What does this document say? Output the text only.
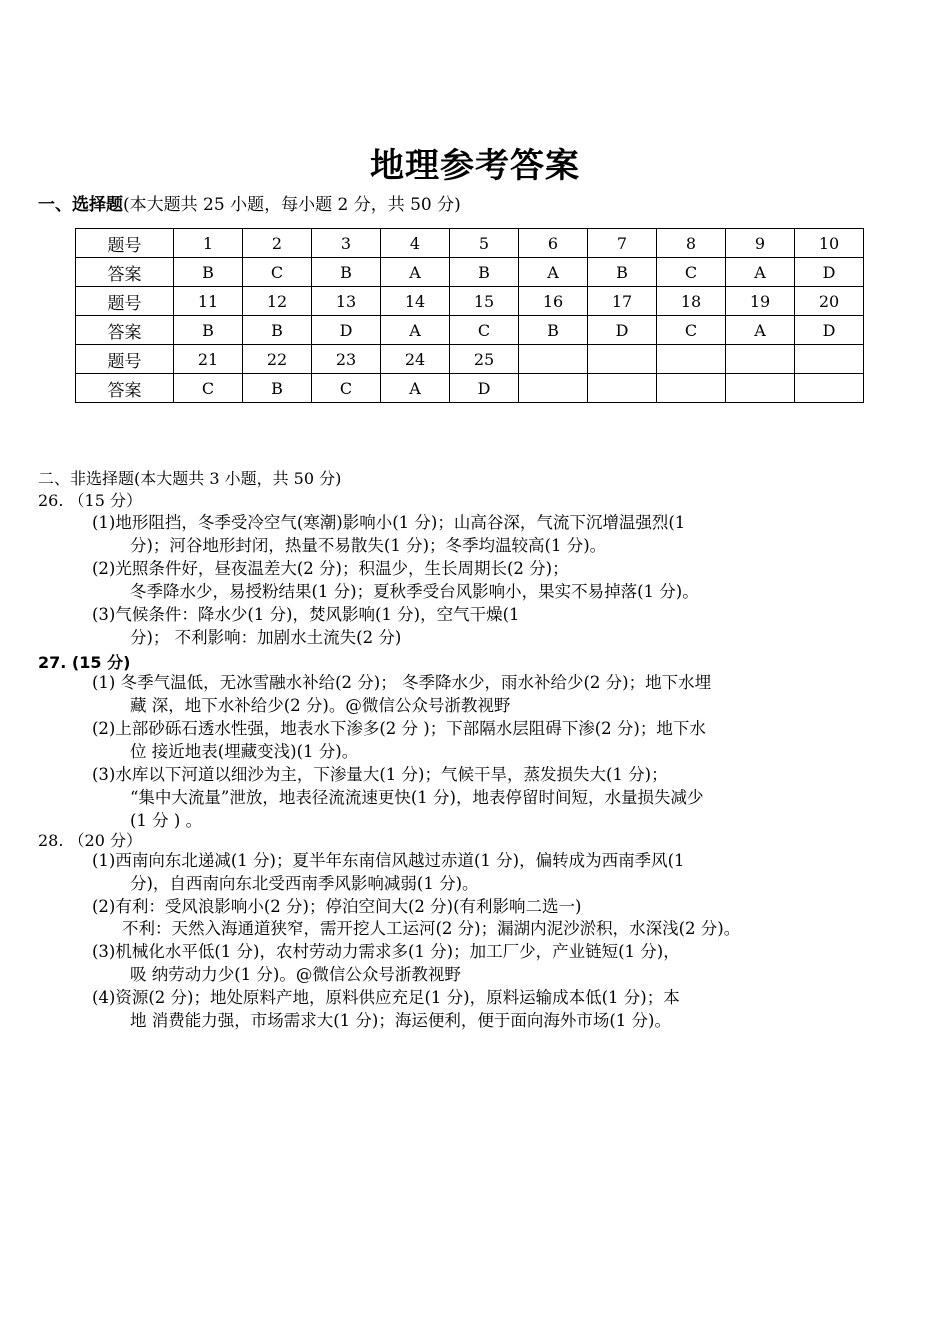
地理参考答案
一、选择题(本大题共 25 小题，每小题 2 分，共 50 分)
题号	1	2	3	4	5	6	7	8	9	10
答案	B	C	B	A	B	A	B	C	A	D
题号	11	12	13	14	15	16	17	18	19	20
答案	B	B	D	A	C	B	D	C	A	D
题号	21	22	23	24	25					
答案	C	B	C	A	D					
二、非选择题(本大题共 3 小题，共 50 分)
26. （15 分）
(1)地形阻挡，冬季受冷空气(寒潮)影响小(1 分)；山高谷深，气流下沉增温强烈(1
分)；河谷地形封闭，热量不易散失(1 分)；冬季均温较高(1 分)。
(2)光照条件好，昼夜温差大(2 分)；积温少，生长周期长(2 分)；
冬季降水少，易授粉结果(1 分)；夏秋季受台风影响小，果实不易掉落(1 分)。
(3)气候条件：降水少(1 分)，焚风影响(1 分)，空气干燥(1
分)； 不利影响：加剧水土流失(2 分)
27. (15 分)
(1) 冬季气温低，无冰雪融水补给(2 分)； 冬季降水少，雨水补给少(2 分)；地下水埋
藏 深，地下水补给少(2 分)。@微信公众号浙教视野
(2)上部砂砾石透水性强，地表水下渗多(2 分 )；下部隔水层阻碍下渗(2 分)；地下水
位 接近地表(埋藏变浅)(1 分)。
(3)水库以下河道以细沙为主，下渗量大(1 分)；气候干旱，蒸发损失大(1 分)；
“集中大流量”泄放，地表径流流速更快(1 分)，地表停留时间短，水量损失减少
(1 分 ) 。
28. （20 分）
(1)西南向东北递减(1 分)；夏半年东南信风越过赤道(1 分)，偏转成为西南季风(1
分)，自西南向东北受西南季风影响减弱(1 分)。
(2)有利：受风浪影响小(2 分)；停泊空间大(2 分)(有利影响二选一)
不利：天然入海通道狭窄，需开挖人工运河(2 分)；漏湖内泥沙淤积，水深浅(2 分)。
(3)机械化水平低(1 分)，农村劳动力需求多(1 分)；加工厂少，产业链短(1 分)，
吸 纳劳动力少(1 分)。@微信公众号浙教视野
(4)资源(2 分)；地处原料产地，原料供应充足(1 分)，原料运输成本低(1 分)；本
地 消费能力强，市场需求大(1 分)；海运便利，便于面向海外市场(1 分)。
